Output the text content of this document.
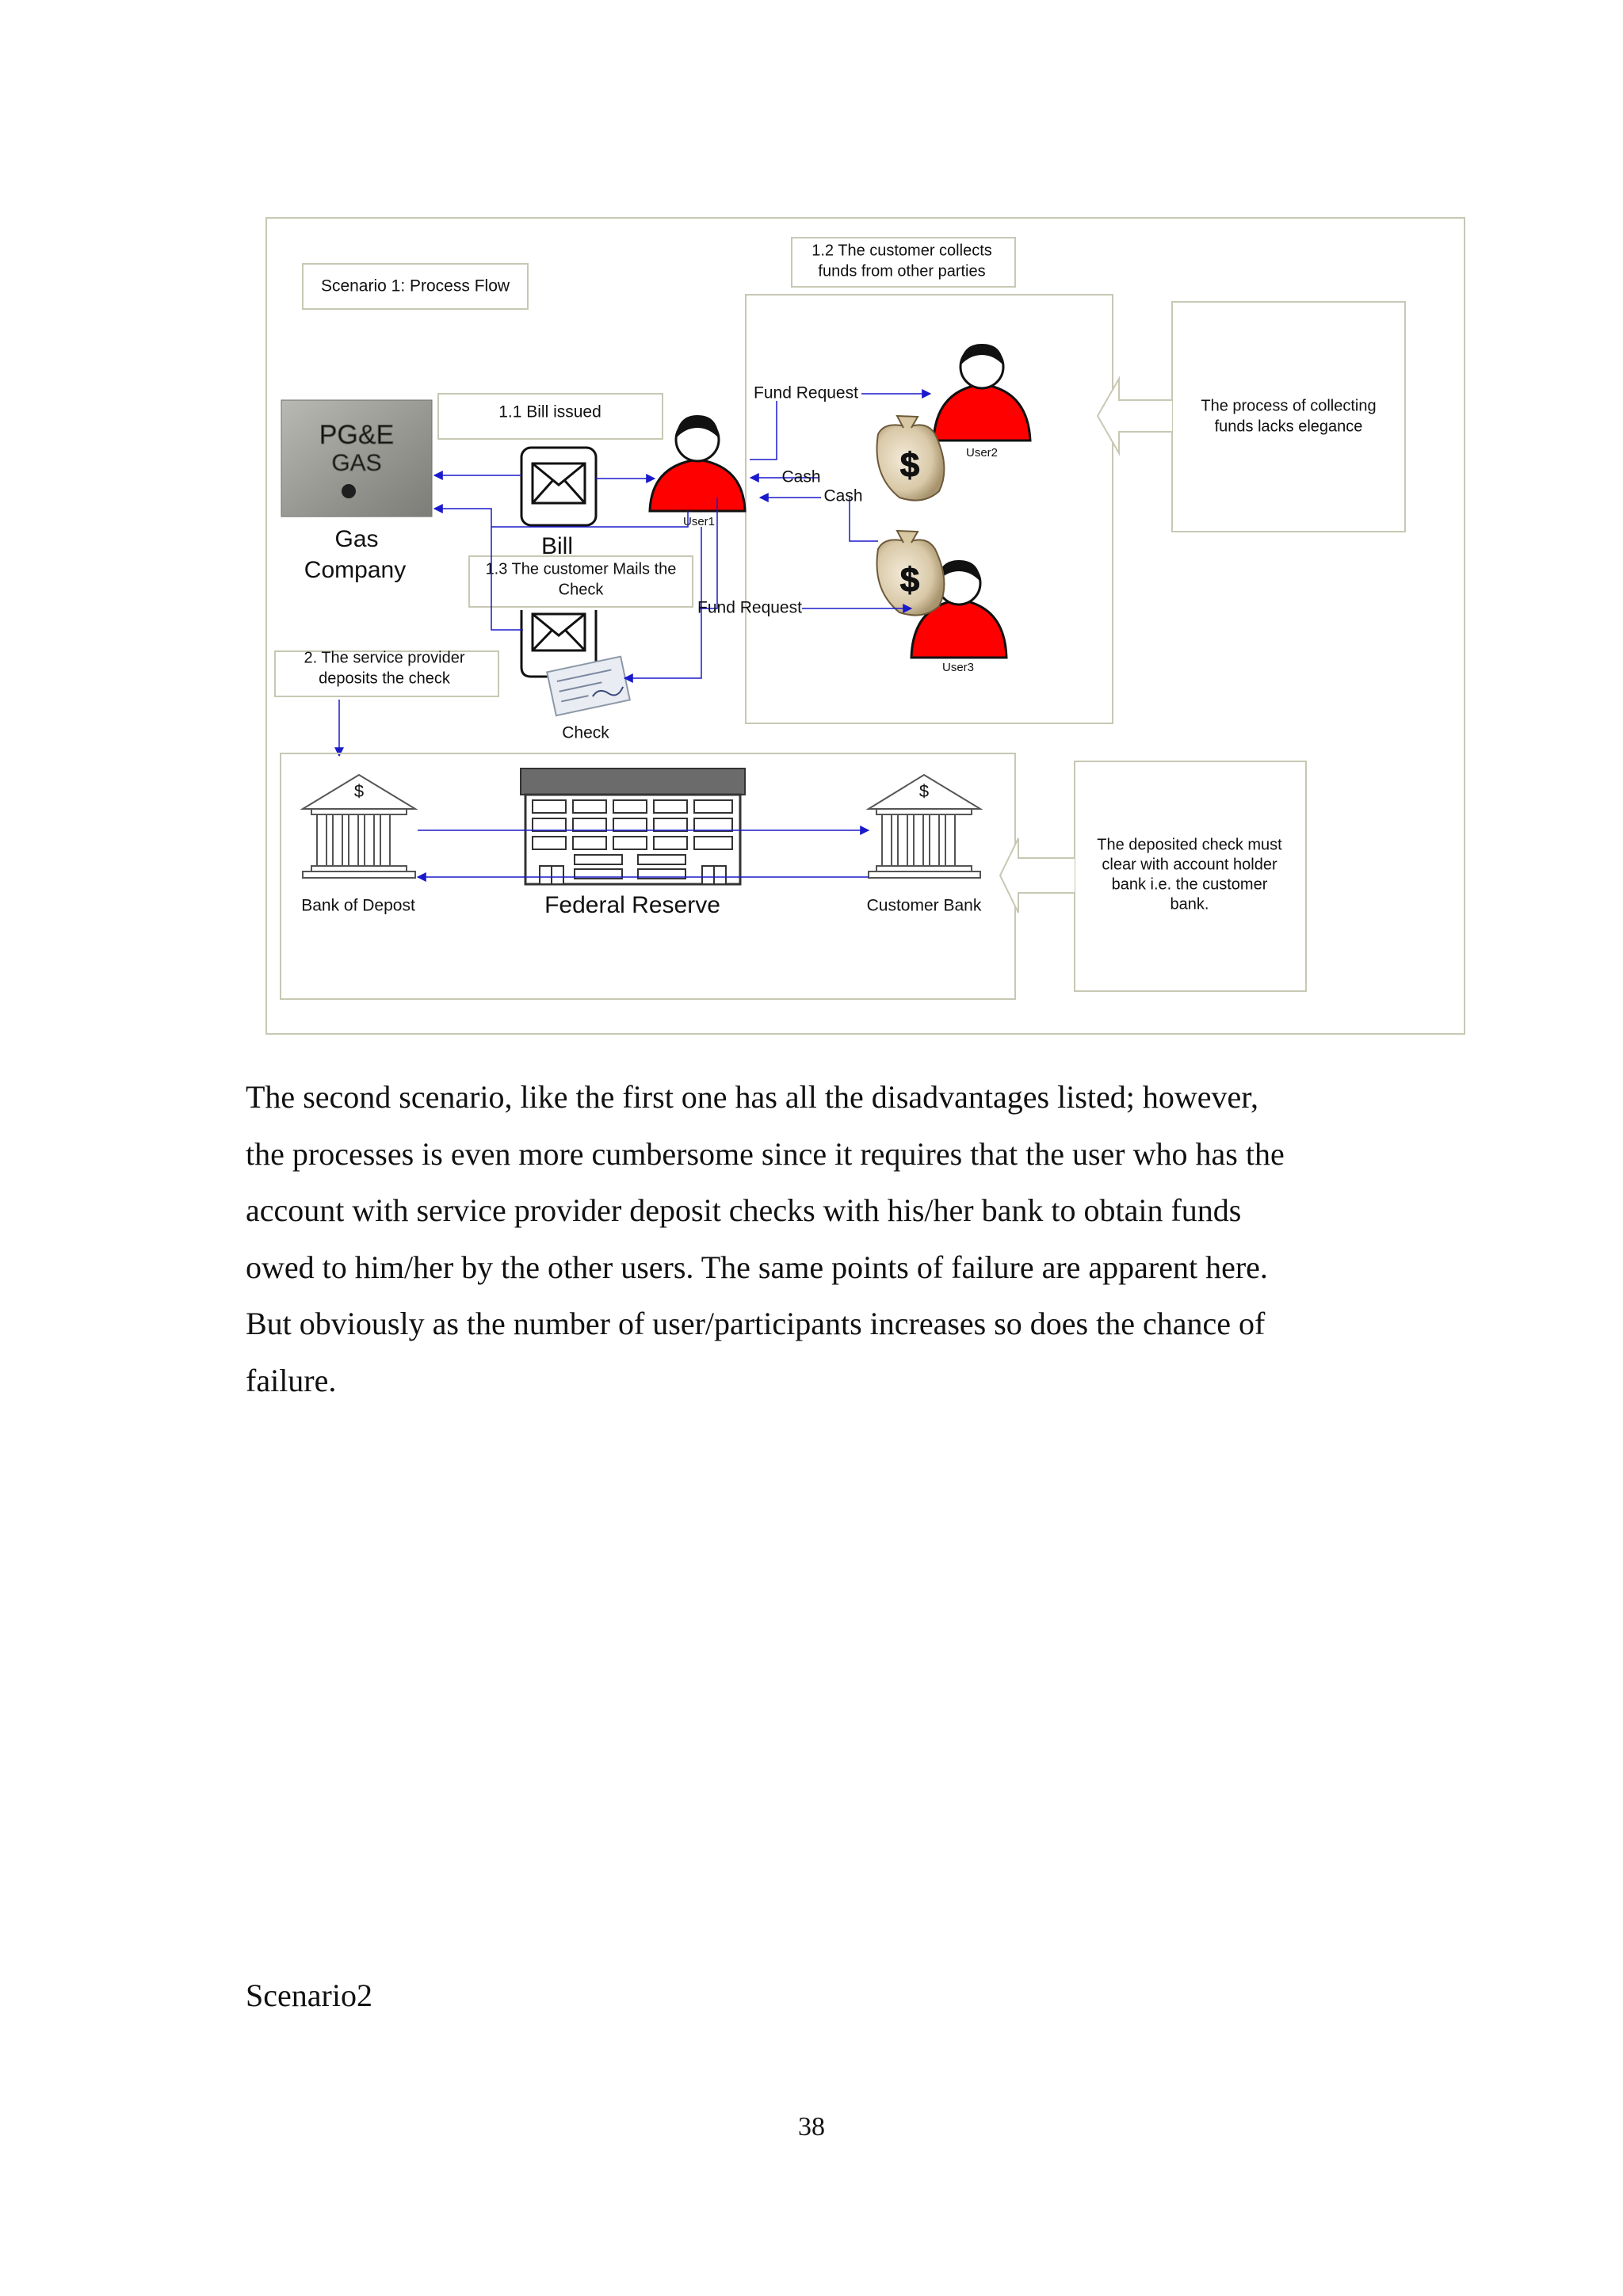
Scenario 1: Process Flow
1.2 The customer collects
funds from other parties
The process of collecting
funds lacks elegance
PG&E
GAS
Gas
Company
1.1 Bill issued
Bill
1.3 The customer Mails the
Check
Check
2. The service provider
deposits the check
User1
User2
User3
$
$
Fund Request
Cash
Cash
Fund Request
$
Bank of Depost	Federal Reserve
$
Customer Bank
The deposited check must
clear with account holder
bank i.e. the customer
bank.
The second scenario, like the first one has all the disadvantages listed; however,
the processes is even more cumbersome since it requires that the user who has the
account with service provider deposit checks with his/her bank to obtain funds
owed to him/her by the other users. The same points of failure are apparent here.
But obviously as the number of user/participants increases so does the chance of
failure.
Scenario2
38
